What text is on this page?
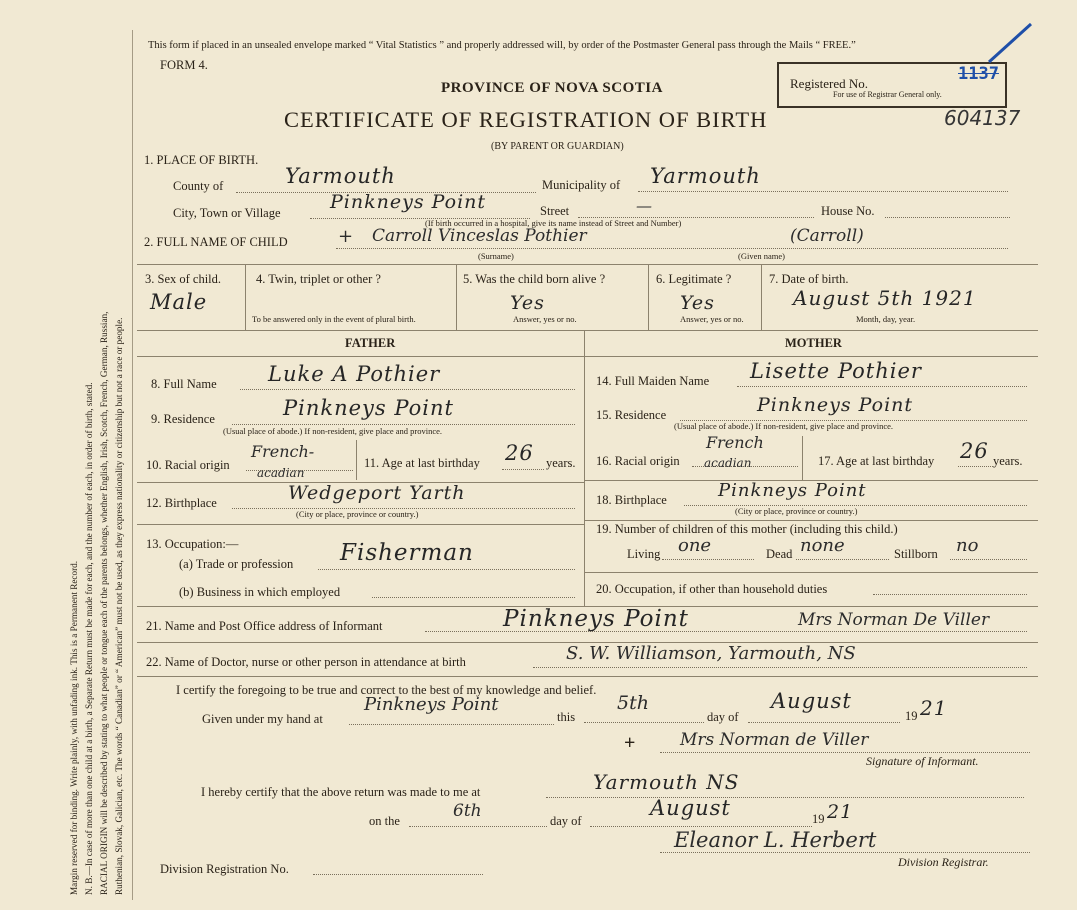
Margin reserved for binding. Write plainly, with unfading ink. This is a Permanent Record. N. B.—In case of more than one child at a birth, a Separate Return must be made for each, and the number of each, in order of birth, stated. RACIAL ORIGIN will be described by stating to what people or tongue each of the parents belongs, whether English, Irish, Scotch, French, German, Russian, Ruthenian, Slovak, Galician, etc. The words “ Canadian” or “ American” must not be used, as they express nationality or citizenship but not a race or people.
This form if placed in an unsealed envelope marked “ Vital Statistics ” and properly addressed will, by order of the Postmaster General pass through the Mails “ FREE.”
FORM 4.
PROVINCE OF NOVA SCOTIA
CERTIFICATE OF REGISTRATION OF BIRTH
(BY PARENT OR GUARDIAN)
Registered No.
For use of Registrar General only.
1137
604137
1. PLACE OF BIRTH.
County of	Yarmouth	Municipality of Yarmouth
City, Town or Village	Pinkneys Point	Street	—
(If birth occurred in a hospital, give its name instead of Street and Number)
House No.
2. FULL NAME OF CHILD	+ Carroll Vinceslas Pothier	(Carroll)
(Surname)	(Given name)
3. Sex of child.
Male
4. Twin, triplet or other ?
To be answered only in the event of plural birth.
5. Was the child born alive ?
Yes
Answer, yes or no.
6. Legitimate ?
Yes
Answer, yes or no.
7. Date of birth.
August 5th 1921
Month, day, year.
FATHER	MOTHER
8. Full Name Luke A Pothier
9. Residence	Pinkneys Point
(Usual place of abode.) If non-resident, give place and province.
10. Racial origin
French-
acadian
11. Age at last birthday 26 years.
12. Birthplace	Wedgeport Yarth
(City or place, province or country.)
13. Occupation:—
(a) Trade or profession Fisherman
(b) Business in which employed
14. Full Maiden Name Lisette Pothier
15. Residence	Pinkneys Point
(Usual place of abode.) If non-resident, give place and province.
16. Racial origin
French
acadian	17. Age at last birthday 26 years.
18. Birthplace	Pinkneys Point
(City or place, province or country.)
19. Number of children of this mother (including this child.)
Living one	Dead none	Stillborn no
20. Occupation, if other than household duties
21. Name and Post Office address of Informant	Pinkneys Point	Mrs Norman De Viller
22. Name of Doctor, nurse or other person in attendance at birth	S. W. Williamson, Yarmouth, NS
I certify the foregoing to be true and correct to the best of my knowledge and belief.
Given under my hand at
Pinkneys Point
this
5th
day of
August
19 21
+	Mrs Norman de Viller
Signature of Informant.
I hereby certify that the above return was made to me at	Yarmouth NS
on the	6th	day of
August	19 21
Eleanor L. Herbert
Division Registrar.
Division Registration No.
